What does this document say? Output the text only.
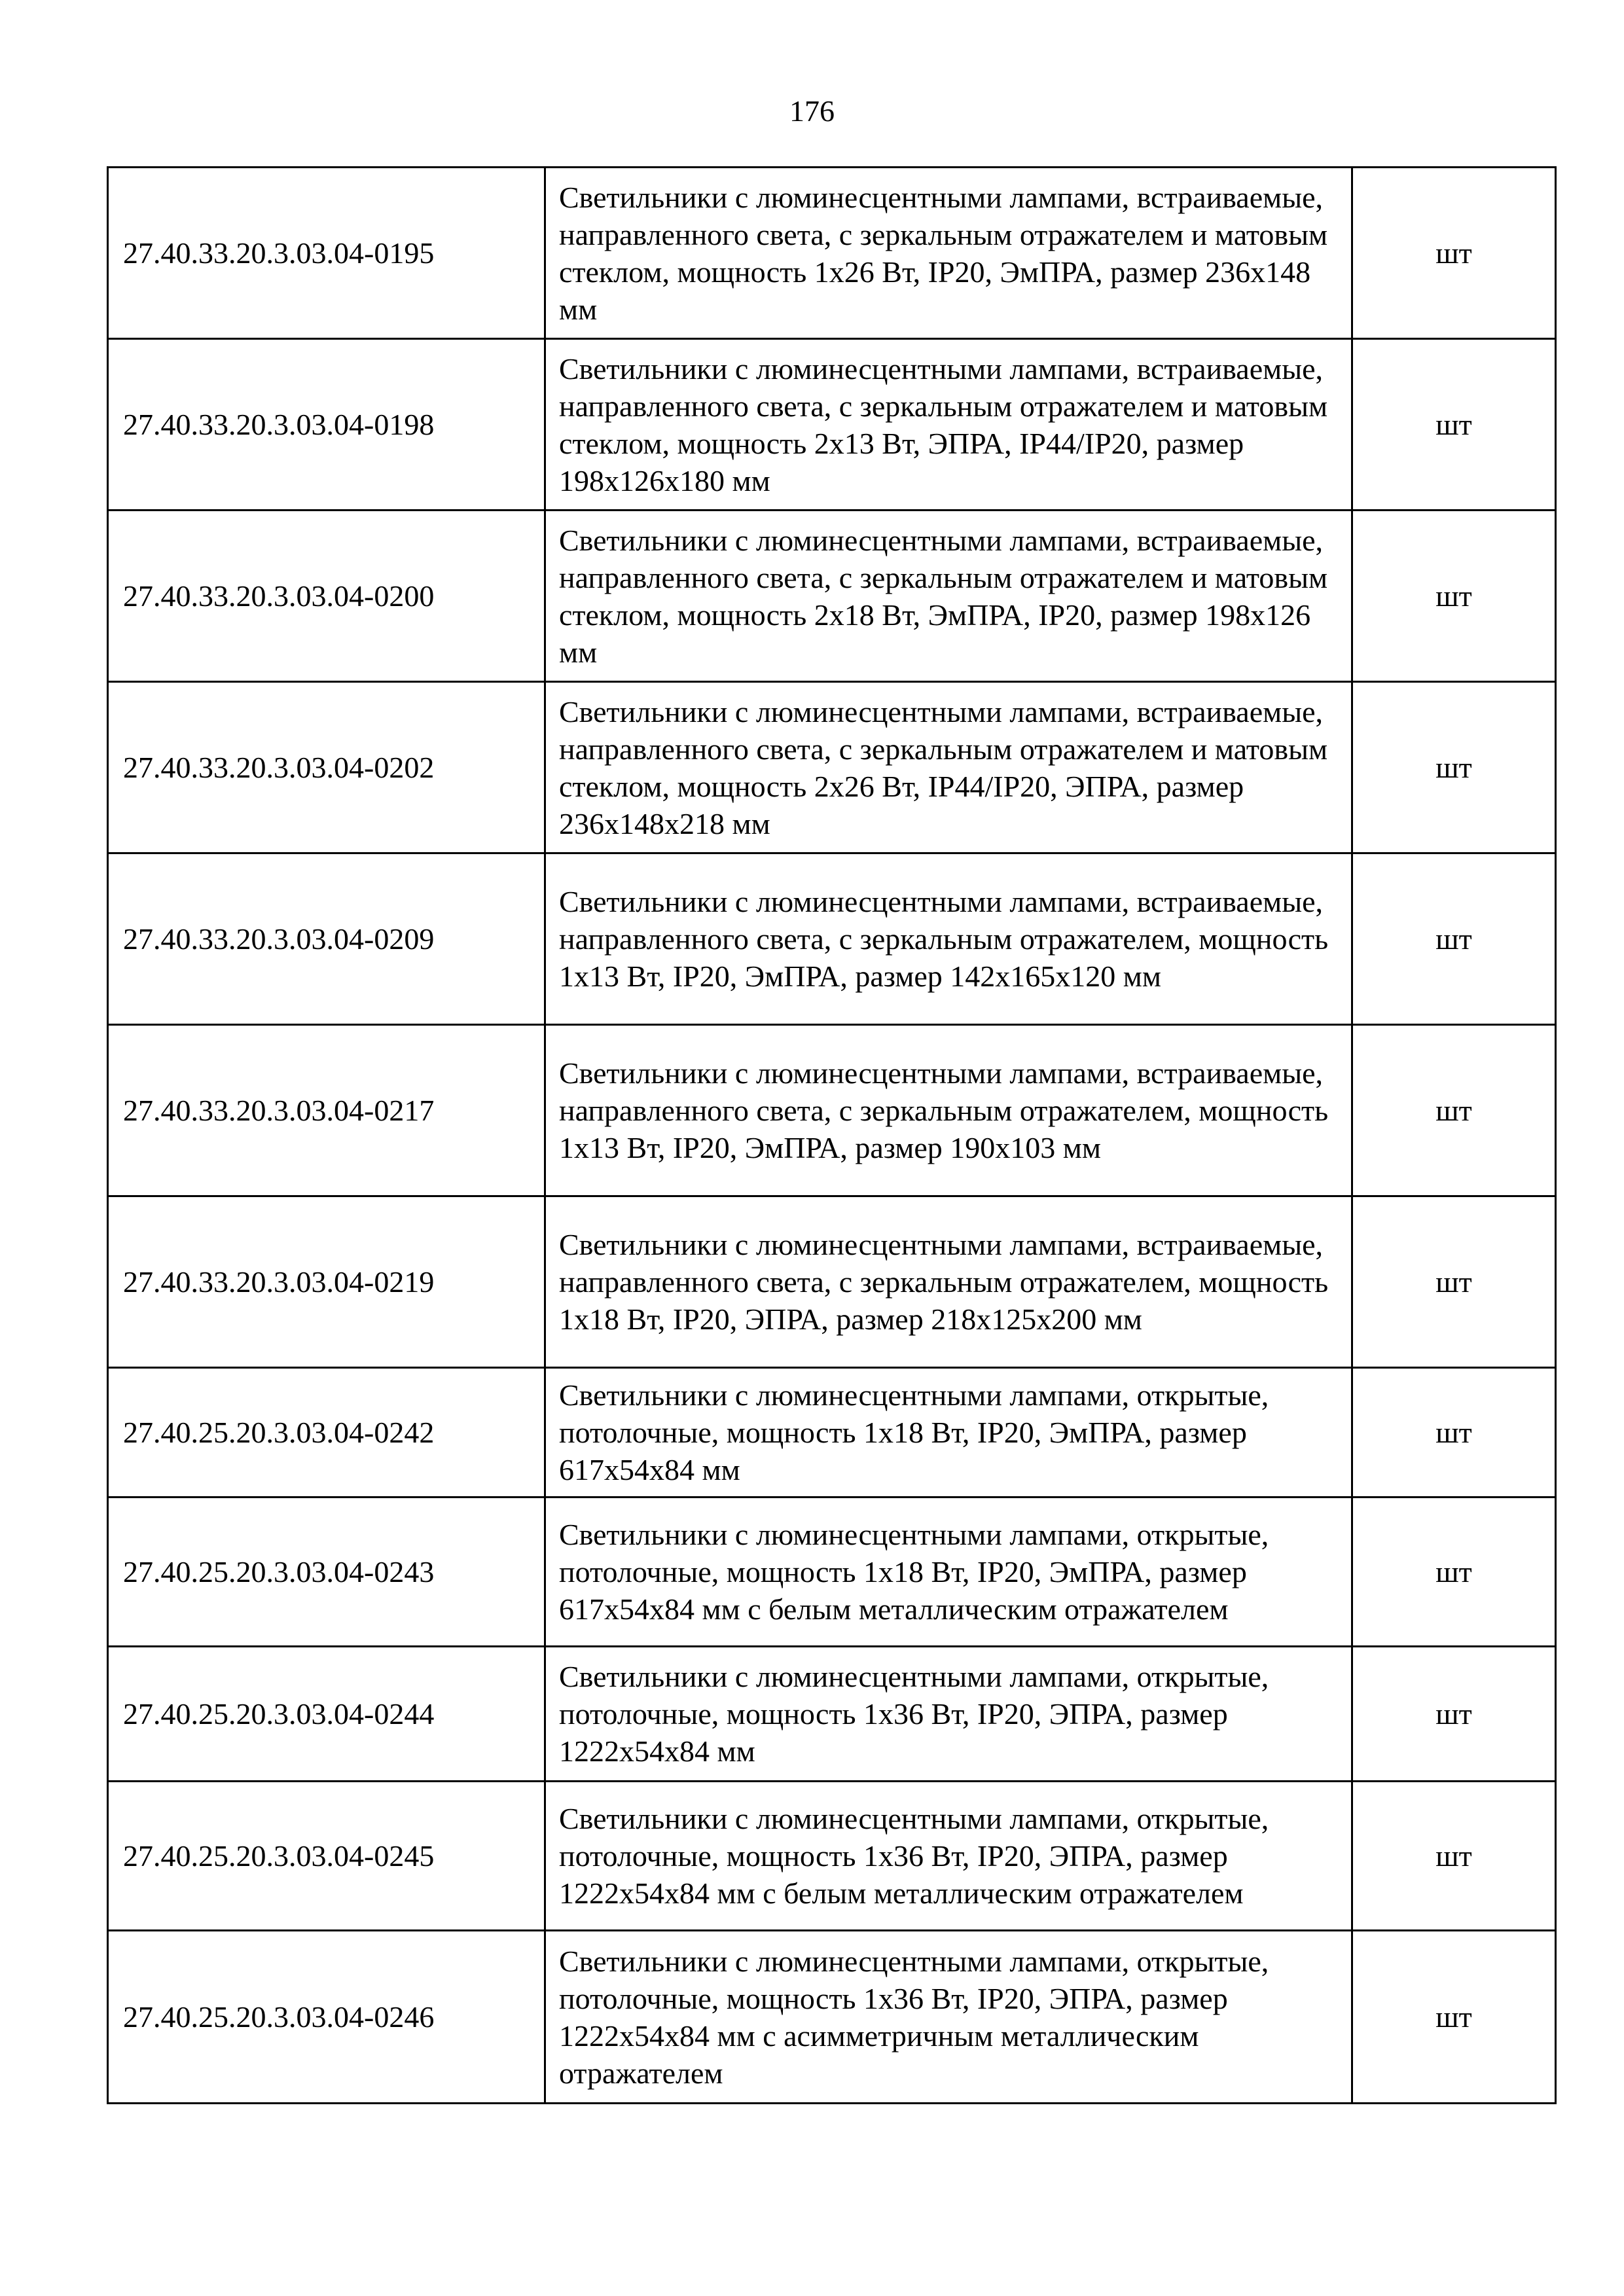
176
27.40.33.20.3.03.04-0195	Светильники с люминесцентными лампами, встраиваемые, направленного света, с зеркальным отражателем и матовым стеклом, мощность 1х26 Вт, IP20, ЭмПРА, размер 236х148 мм	шт
27.40.33.20.3.03.04-0198	Светильники с люминесцентными лампами, встраиваемые, направленного света, с зеркальным отражателем и матовым стеклом, мощность 2х13 Вт, ЭПРА, IP44/IP20, размер 198х126х180 мм	шт
27.40.33.20.3.03.04-0200	Светильники с люминесцентными лампами, встраиваемые, направленного света, с зеркальным отражателем и матовым стеклом, мощность 2х18 Вт, ЭмПРА, IP20, размер 198х126 мм	шт
27.40.33.20.3.03.04-0202	Светильники с люминесцентными лампами, встраиваемые, направленного света, с зеркальным отражателем и матовым стеклом, мощность 2х26 Вт, IP44/IP20, ЭПРА, размер 236х148х218 мм	шт
27.40.33.20.3.03.04-0209	Светильники с люминесцентными лампами, встраиваемые, направленного света, с зеркальным отражателем, мощность 1х13 Вт, IP20, ЭмПРА, размер 142х165х120 мм	шт
27.40.33.20.3.03.04-0217	Светильники с люминесцентными лампами, встраиваемые, направленного света, с зеркальным отражателем, мощность 1х13 Вт, IP20, ЭмПРА, размер 190х103 мм	шт
27.40.33.20.3.03.04-0219	Светильники с люминесцентными лампами, встраиваемые, направленного света, с зеркальным отражателем, мощность 1х18 Вт, IP20, ЭПРА, размер 218х125х200 мм	шт
27.40.25.20.3.03.04-0242	Светильники с люминесцентными лампами, открытые, потолочные, мощность 1х18 Вт, IP20, ЭмПРА, размер 617х54х84 мм	шт
27.40.25.20.3.03.04-0243	Светильники с люминесцентными лампами, открытые, потолочные, мощность 1х18 Вт, IP20, ЭмПРА, размер 617х54х84 мм с белым металлическим отражателем	шт
27.40.25.20.3.03.04-0244	Светильники с люминесцентными лампами, открытые, потолочные, мощность 1х36 Вт, IP20, ЭПРА, размер 1222х54х84 мм	шт
27.40.25.20.3.03.04-0245	Светильники с люминесцентными лампами, открытые, потолочные, мощность 1х36 Вт, IP20, ЭПРА, размер 1222х54х84 мм с белым металлическим отражателем	шт
27.40.25.20.3.03.04-0246	Светильники с люминесцентными лампами, открытые, потолочные, мощность 1х36 Вт, IP20, ЭПРА, размер 1222х54х84 мм с асимметричным металлическим отражателем	шт
